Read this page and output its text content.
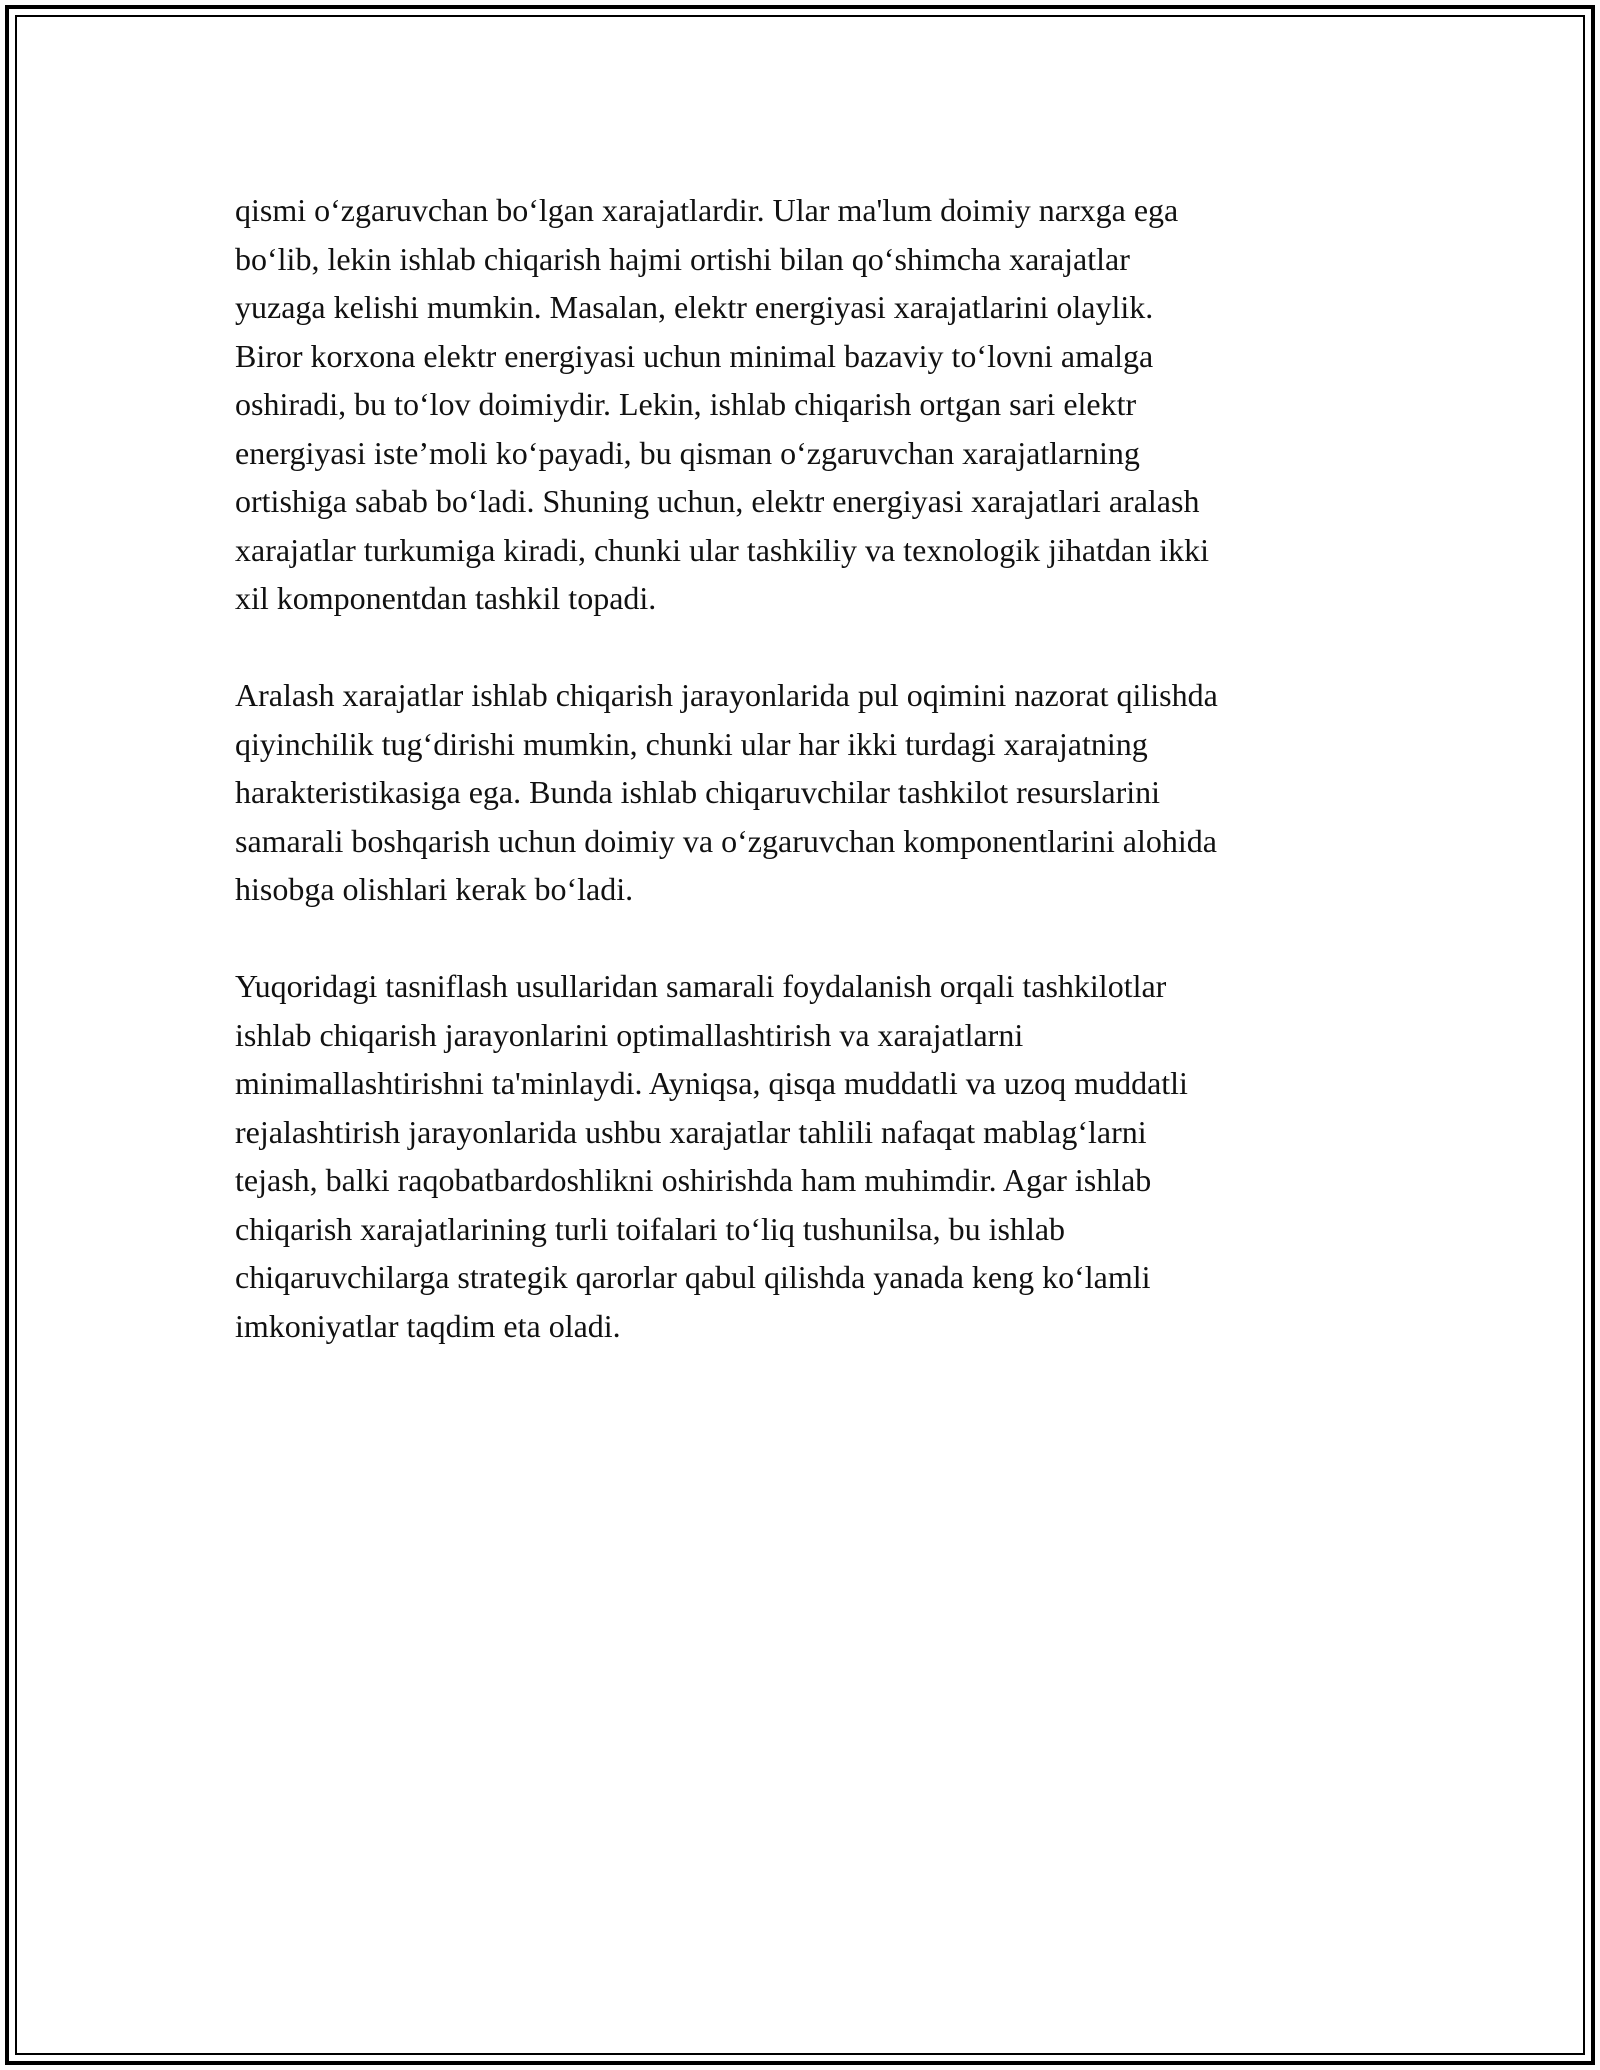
qismi o‘zgaruvchan bo‘lgan xarajatlardir. Ular ma'lum doimiy narxga ega
bo‘lib, lekin ishlab chiqarish hajmi ortishi bilan qo‘shimcha xarajatlar
yuzaga kelishi mumkin. Masalan, elektr energiyasi xarajatlarini olaylik.
Biror korxona elektr energiyasi uchun minimal bazaviy to‘lovni amalga
oshiradi, bu to‘lov doimiydir. Lekin, ishlab chiqarish ortgan sari elektr
energiyasi iste’moli ko‘payadi, bu qisman o‘zgaruvchan xarajatlarning
ortishiga sabab bo‘ladi. Shuning uchun, elektr energiyasi xarajatlari aralash
xarajatlar turkumiga kiradi, chunki ular tashkiliy va texnologik jihatdan ikki
xil komponentdan tashkil topadi.

Aralash xarajatlar ishlab chiqarish jarayonlarida pul oqimini nazorat qilishda
qiyinchilik tug‘dirishi mumkin, chunki ular har ikki turdagi xarajatning
harakteristikasiga ega. Bunda ishlab chiqaruvchilar tashkilot resurslarini
samarali boshqarish uchun doimiy va o‘zgaruvchan komponentlarini alohida
hisobga olishlari kerak bo‘ladi.

Yuqoridagi tasniflash usullaridan samarali foydalanish orqali tashkilotlar
ishlab chiqarish jarayonlarini optimallashtirish va xarajatlarni
minimallashtirishni ta'minlaydi. Ayniqsa, qisqa muddatli va uzoq muddatli
rejalashtirish jarayonlarida ushbu xarajatlar tahlili nafaqat mablag‘larni
tejash, balki raqobatbardoshlikni oshirishda ham muhimdir. Agar ishlab
chiqarish xarajatlarining turli toifalari to‘liq tushunilsa, bu ishlab
chiqaruvchilarga strategik qarorlar qabul qilishda yanada keng ko‘lamli
imkoniyatlar taqdim eta oladi.
